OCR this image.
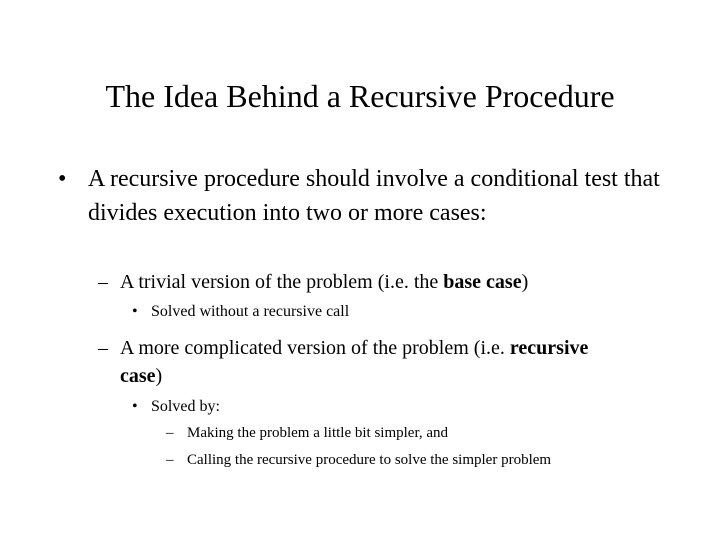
The Idea Behind a Recursive Procedure
• A recursive procedure should involve a conditional test that divides execution into two or more cases:
– A trivial version of the problem (i.e. the base case)
• Solved without a recursive call
– A more complicated version of the problem (i.e. recursive case)
• Solved by:
– Making the problem a little bit simpler, and
– Calling the recursive procedure to solve the simpler problem
